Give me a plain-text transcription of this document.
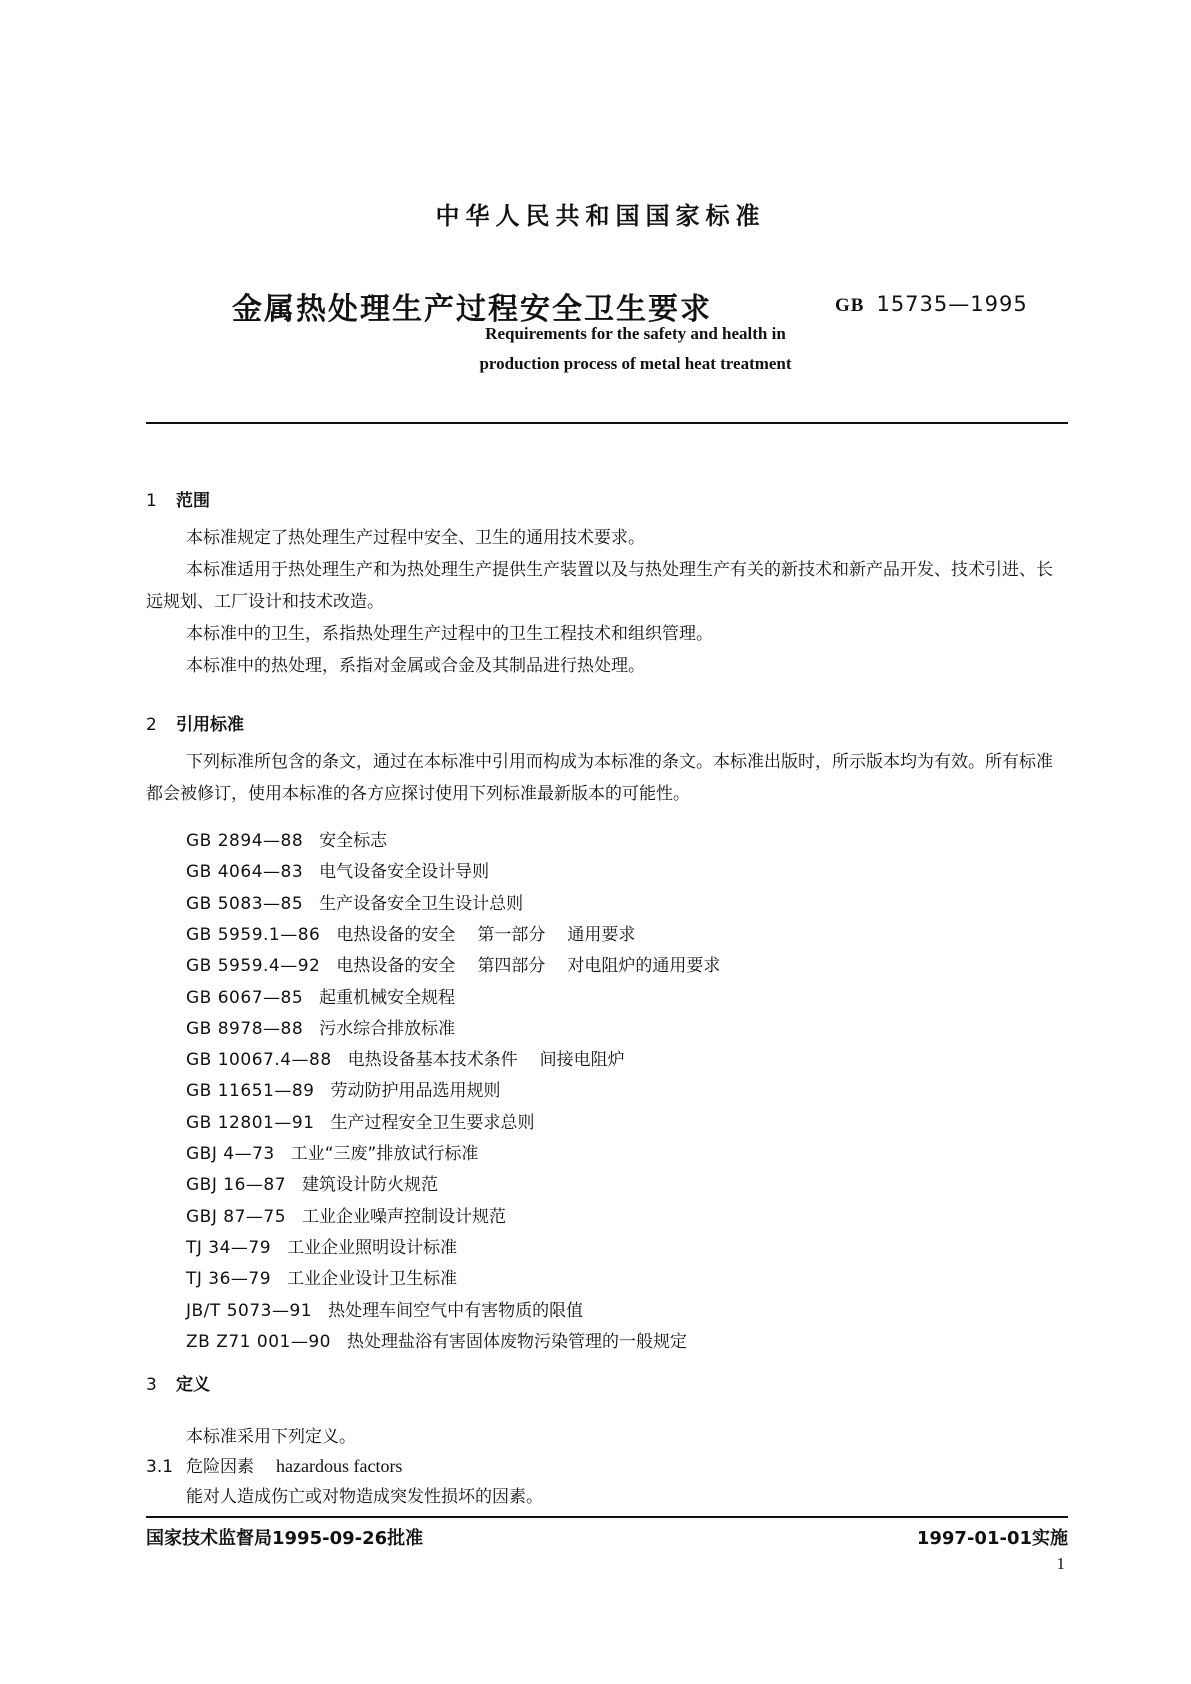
中华人民共和国国家标准
金属热处理生产过程安全卫生要求	GB 15735—1995
Requirements for the safety and health in
production process of metal heat treatment
1 范围
本标准规定了热处理生产过程中安全、卫生的通用技术要求。
本标准适用于热处理生产和为热处理生产提供生产装置以及与热处理生产有关的新技术和新产品开发、技术引进、长远规划、工厂设计和技术改造。
本标准中的卫生，系指热处理生产过程中的卫生工程技术和组织管理。
本标准中的热处理，系指对金属或合金及其制品进行热处理。
2 引用标准
下列标准所包含的条文，通过在本标准中引用而构成为本标准的条文。本标准出版时，所示版本均为有效。所有标准都会被修订，使用本标准的各方应探讨使用下列标准最新版本的可能性。
GB 2894—88 安全标志
GB 4064—83 电气设备安全设计导则
GB 5083—85 生产设备安全卫生设计总则
GB 5959.1—86 电热设备的安全 第一部分 通用要求
GB 5959.4—92 电热设备的安全 第四部分 对电阻炉的通用要求
GB 6067—85 起重机械安全规程
GB 8978—88 污水综合排放标准
GB 10067.4—88 电热设备基本技术条件 间接电阻炉
GB 11651—89 劳动防护用品选用规则
GB 12801—91 生产过程安全卫生要求总则
GBJ 4—73 工业“三废”排放试行标准
GBJ 16—87 建筑设计防火规范
GBJ 87—75 工业企业噪声控制设计规范
TJ 34—79 工业企业照明设计标准
TJ 36—79 工业企业设计卫生标准
JB/T 5073—91 热处理车间空气中有害物质的限值
ZB Z71 001—90 热处理盐浴有害固体废物污染管理的一般规定
3 定义
本标准采用下列定义。
3.1 危险因素 hazardous factors
能对人造成伤亡或对物造成突发性损坏的因素。
国家技术监督局1995-09-26批准	1997-01-01实施
1
